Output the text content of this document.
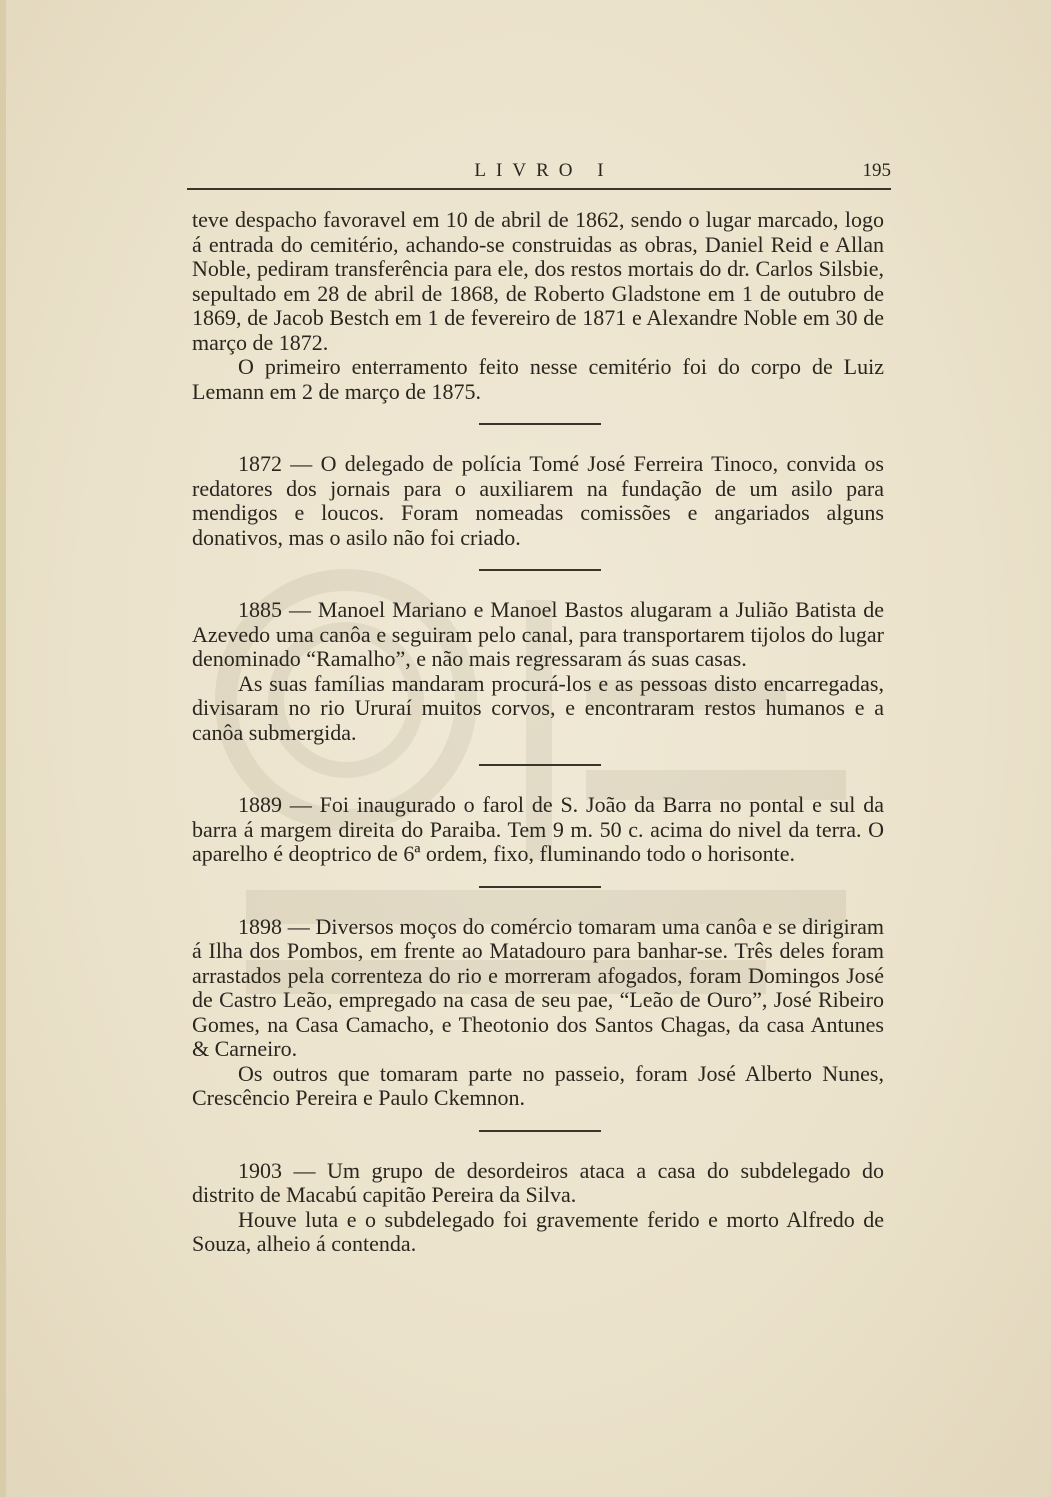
LIVRO I	195

teve despacho favoravel em 10 de abril de 1862, sendo o lugar marcado, logo á entrada do cemitério, achando-se construidas as obras, Daniel Reid e Allan Noble, pediram transferência para ele, dos restos mortais do dr. Carlos Silsbie, sepultado em 28 de abril de 1868, de Roberto Gladstone em 1 de outubro de 1869, de Jacob Bestch em 1 de fevereiro de 1871 e Alexandre Noble em 30 de março de 1872.

O primeiro enterramento feito nesse cemitério foi do corpo de Luiz Lemann em 2 de março de 1875.

1872 — O delegado de polícia Tomé José Ferreira Tinoco, convida os redatores dos jornais para o auxiliarem na fundação de um asilo para mendigos e loucos. Foram nomeadas comissões e angariados alguns donativos, mas o asilo não foi criado.

1885 — Manoel Mariano e Manoel Bastos alugaram a Julião Batista de Azevedo uma canôa e seguiram pelo canal, para transportarem tijolos do lugar denominado “Ramalho”, e não mais regressaram ás suas casas.

As suas famílias mandaram procurá-los e as pessoas disto encarregadas, divisaram no rio Ururaí muitos corvos, e encontraram restos humanos e a canôa submergida.

1889 — Foi inaugurado o farol de S. João da Barra no pontal e sul da barra á margem direita do Paraiba. Tem 9 m. 50 c. acima do nivel da terra. O aparelho é deoptrico de 6ª ordem, fixo, fluminando todo o horisonte.

1898 — Diversos moços do comércio tomaram uma canôa e se dirigiram á Ilha dos Pombos, em frente ao Matadouro para banhar-se. Três deles foram arrastados pela correnteza do rio e morreram afogados, foram Domingos José de Castro Leão, empregado na casa de seu pae, “Leão de Ouro”, José Ribeiro Gomes, na Casa Camacho, e Theotonio dos Santos Chagas, da casa Antunes & Carneiro.

Os outros que tomaram parte no passeio, foram José Alberto Nunes, Crescêncio Pereira e Paulo Ckemnon.

1903 — Um grupo de desordeiros ataca a casa do subdelegado do distrito de Macabú capitão Pereira da Silva.

Houve luta e o subdelegado foi gravemente ferido e morto Alfredo de Souza, alheio á contenda.
